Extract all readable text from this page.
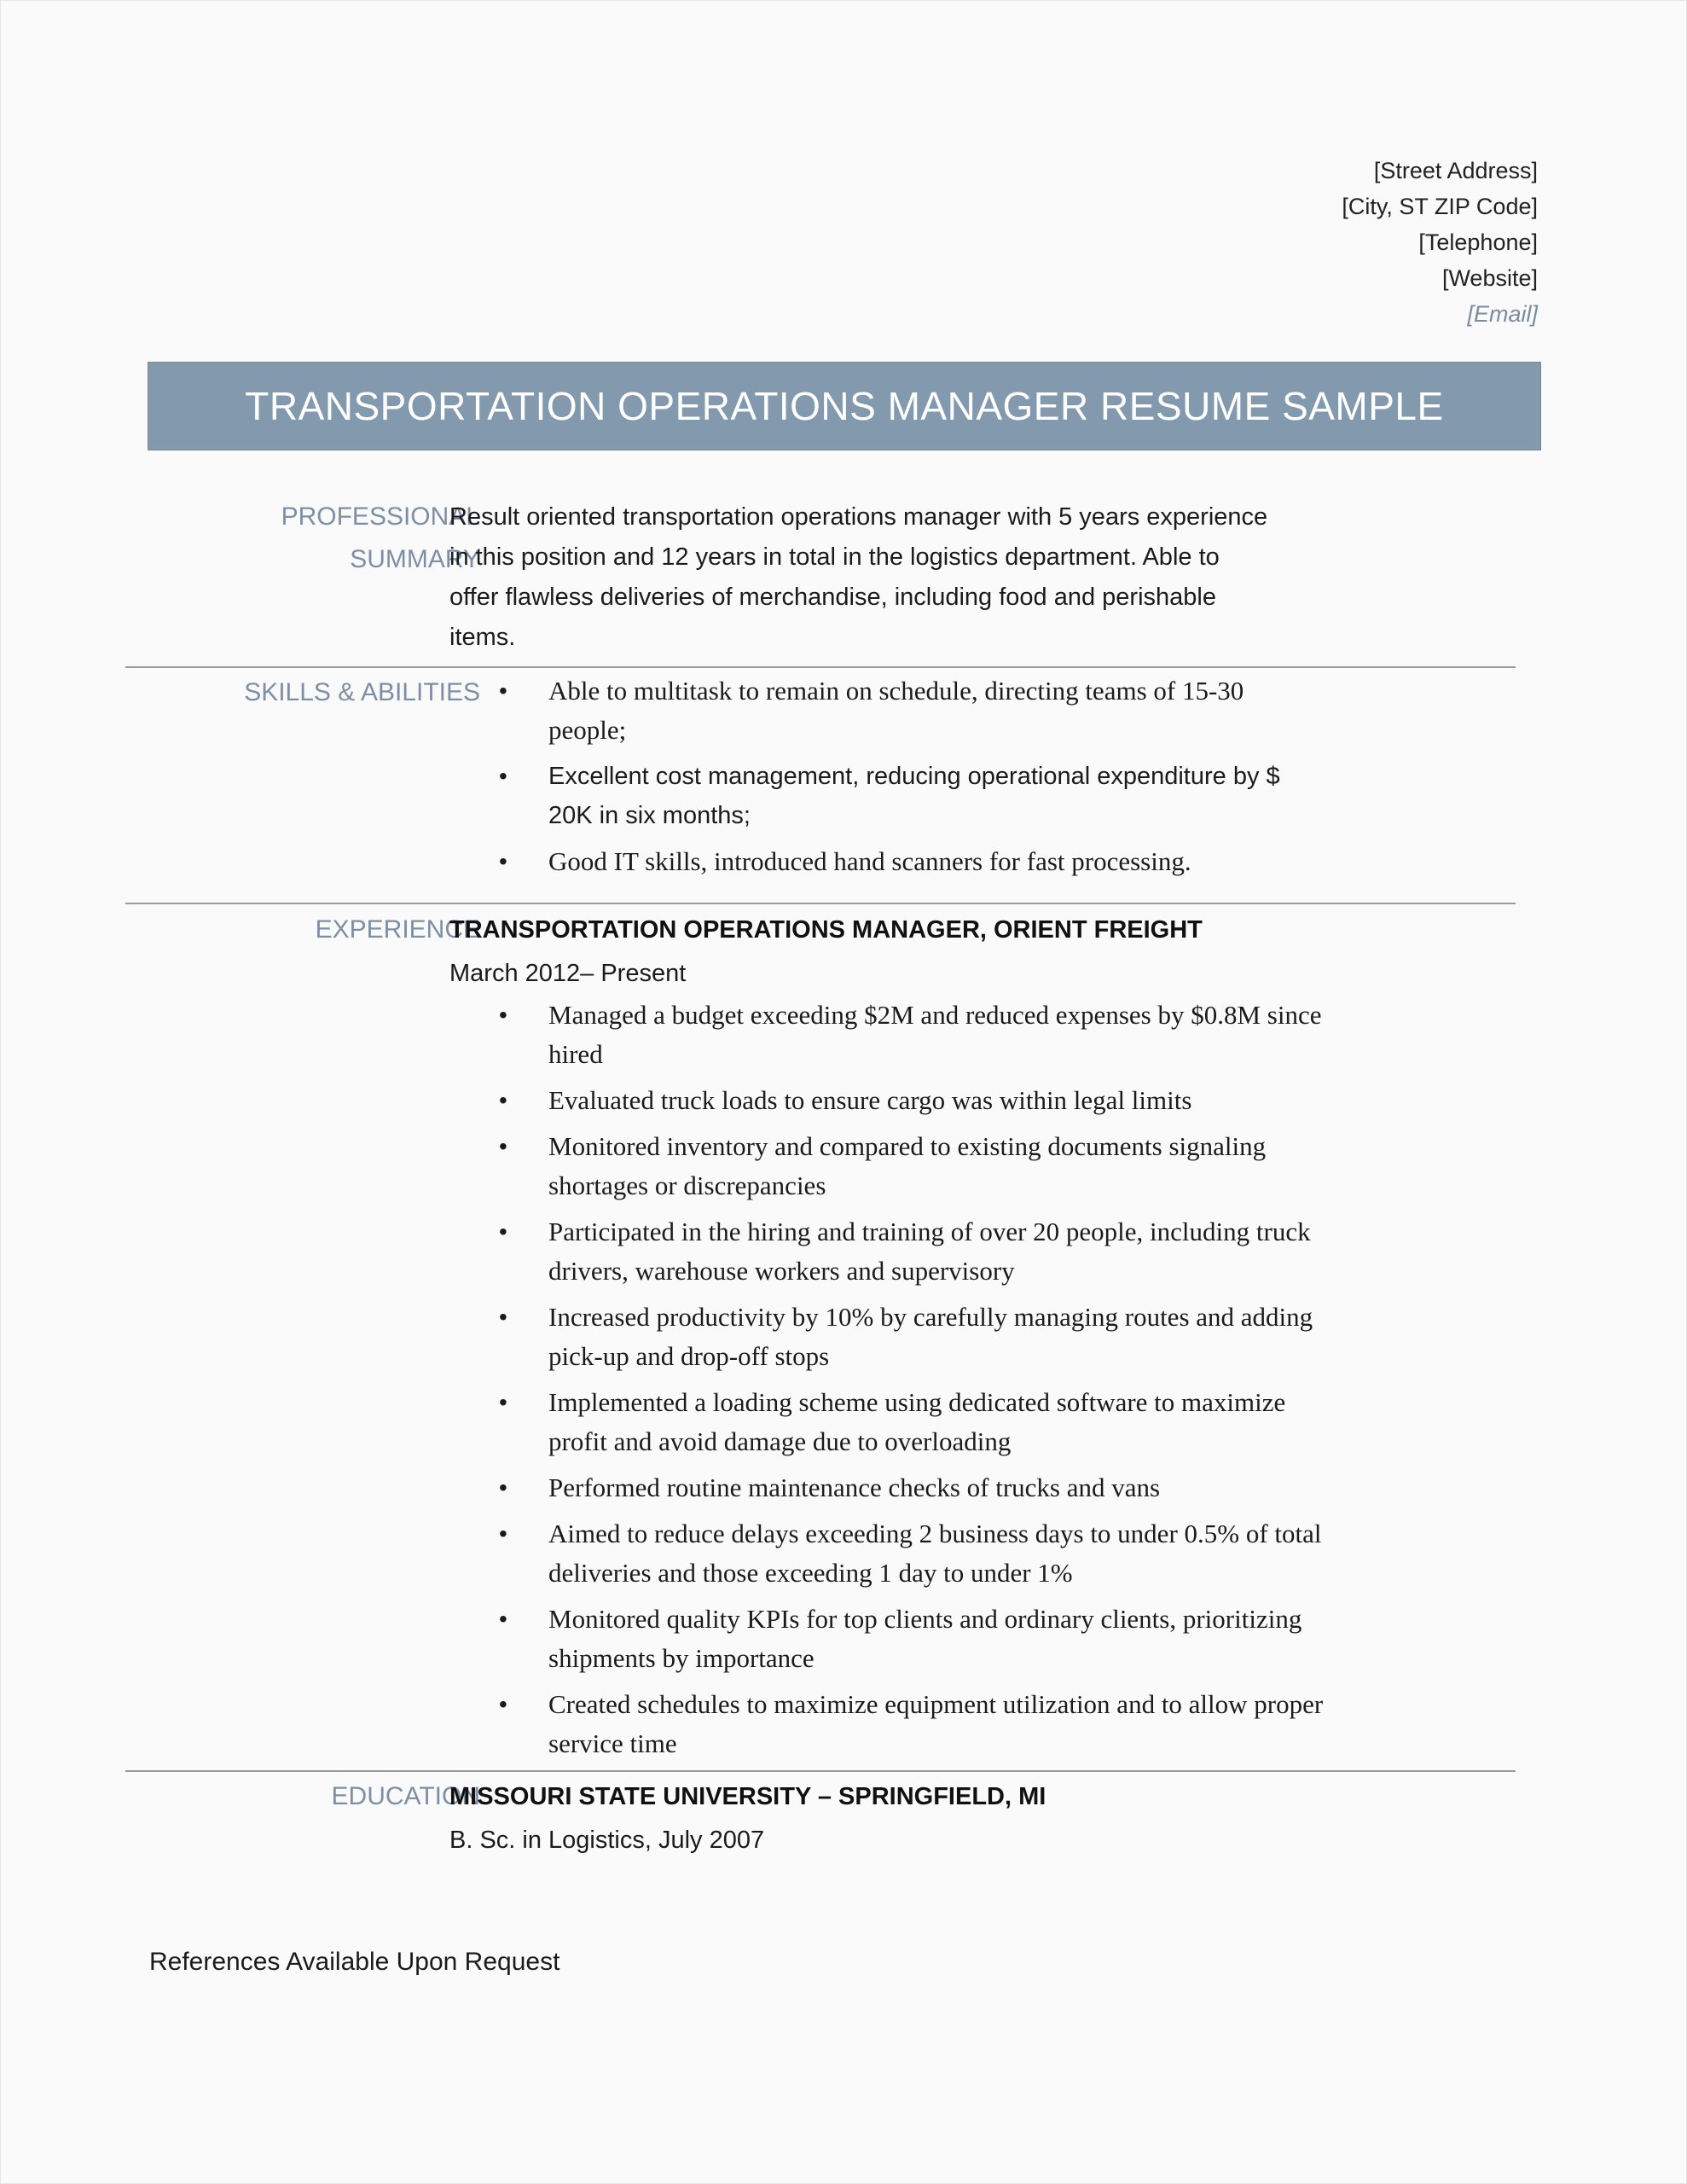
[Street Address]
[City, ST ZIP Code]
[Telephone]
[Website]
[Email]
TRANSPORTATION OPERATIONS MANAGER RESUME SAMPLE
PROFESSIONAL
SUMMARY
Result oriented transportation operations manager with 5 years experience
in this position and 12 years in total in the logistics department. Able to
offer flawless deliveries of merchandise, including food and perishable
items.
SKILLS & ABILITIES • Able to multitask to remain on schedule, directing teams of 15-30 people;
• Excellent cost management, reducing operational expenditure by $ 20K in six months;
• Good IT skills, introduced hand scanners for fast processing.
EXPERIENCE
TRANSPORTATION OPERATIONS MANAGER, ORIENT FREIGHT
March 2012– Present
• Managed a budget exceeding $2M and reduced expenses by $0.8M since hired
• Evaluated truck loads to ensure cargo was within legal limits
• Monitored inventory and compared to existing documents signaling shortages or discrepancies
• Participated in the hiring and training of over 20 people, including truck drivers, warehouse workers and supervisory
• Increased productivity by 10% by carefully managing routes and adding pick-up and drop-off stops
• Implemented a loading scheme using dedicated software to maximize profit and avoid damage due to overloading
• Performed routine maintenance checks of trucks and vans
• Aimed to reduce delays exceeding 2 business days to under 0.5% of total deliveries and those exceeding 1 day to under 1%
• Monitored quality KPIs for top clients and ordinary clients, prioritizing shipments by importance
• Created schedules to maximize equipment utilization and to allow proper service time
EDUCATION
MISSOURI STATE UNIVERSITY – SPRINGFIELD, MI
B. Sc. in Logistics, July 2007
References Available Upon Request
